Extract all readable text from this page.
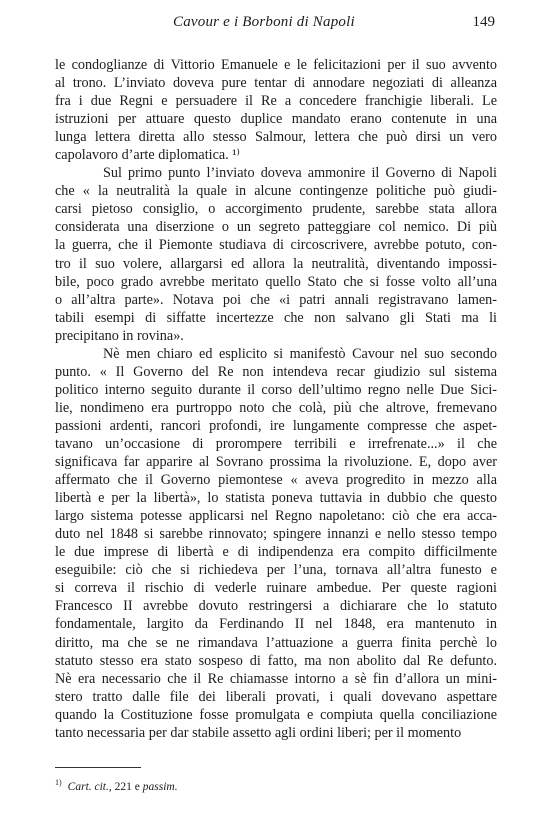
Cavour e i Borboni di Napoli	149
le condoglianze di Vittorio Emanuele e le felicitazioni per il suo avvento
al trono. L’inviato doveva pure tentar di annodare negoziati di alleanza
fra i due Regni e persuadere il Re a concedere franchigie liberali. Le
istruzioni per attuare questo duplice mandato erano contenute in una
lunga lettera diretta allo stesso Salmour, lettera che può dirsi un vero
capolavoro d’arte diplomatica. ¹⁾
Sul primo punto l’inviato doveva ammonire il Governo di Napoli
che « la neutralità la quale in alcune contingenze politiche può giudi-
carsi pietoso consiglio, o accorgimento prudente, sarebbe stata allora
considerata una diserzione o un segreto patteggiare col nemico. Di più
la guerra, che il Piemonte studiava di circoscrivere, avrebbe potuto, con-
tro il suo volere, allargarsi ed allora la neutralità, diventando impossi-
bile, poco grado avrebbe meritato quello Stato che si fosse volto all’una
o all’altra parte». Notava poi che «i patri annali registravano lamen-
tabili esempi di siffatte incertezze che non salvano gli Stati ma li
precipitano in rovina».
Nè men chiaro ed esplicito si manifestò Cavour nel suo secondo
punto. « Il Governo del Re non intendeva recar giudizio sul sistema
politico interno seguito durante il corso dell’ultimo regno nelle Due Sici-
lie, nondimeno era purtroppo noto che colà, più che altrove, fremevano
passioni ardenti, rancori profondi, ire lungamente compresse che aspet-
tavano un’occasione di prorompere terribili e irrefrenate...» il che
significava far apparire al Sovrano prossima la rivoluzione. E, dopo aver
affermato che il Governo piemontese « aveva progredito in mezzo alla
libertà e per la libertà», lo statista poneva tuttavia in dubbio che questo
largo sistema potesse applicarsi nel Regno napoletano: ciò che era acca-
duto nel 1848 si sarebbe rinnovato; spingere innanzi e nello stesso tempo
le due imprese di libertà e di indipendenza era compito difficilmente
eseguibile: ciò che si richiedeva per l’una, tornava all’altra funesto e
si correva il rischio di vederle ruinare ambedue. Per queste ragioni
Francesco II avrebbe dovuto restringersi a dichiarare che lo statuto
fondamentale, largito da Ferdinando II nel 1848, era mantenuto in
diritto, ma che se ne rimandava l’attuazione a guerra finita perchè lo
statuto stesso era stato sospeso di fatto, ma non abolito dal Re defunto.
Nè era necessario che il Re chiamasse intorno a sè fin d’allora un mini-
stero tratto dalle file dei liberali provati, i quali dovevano aspettare
quando la Costituzione fosse promulgata e compiuta quella conciliazione
tanto necessaria per dar stabile assetto agli ordini liberi; per il momento
$^{1)}$ Cart. cit., 221 e passim.
